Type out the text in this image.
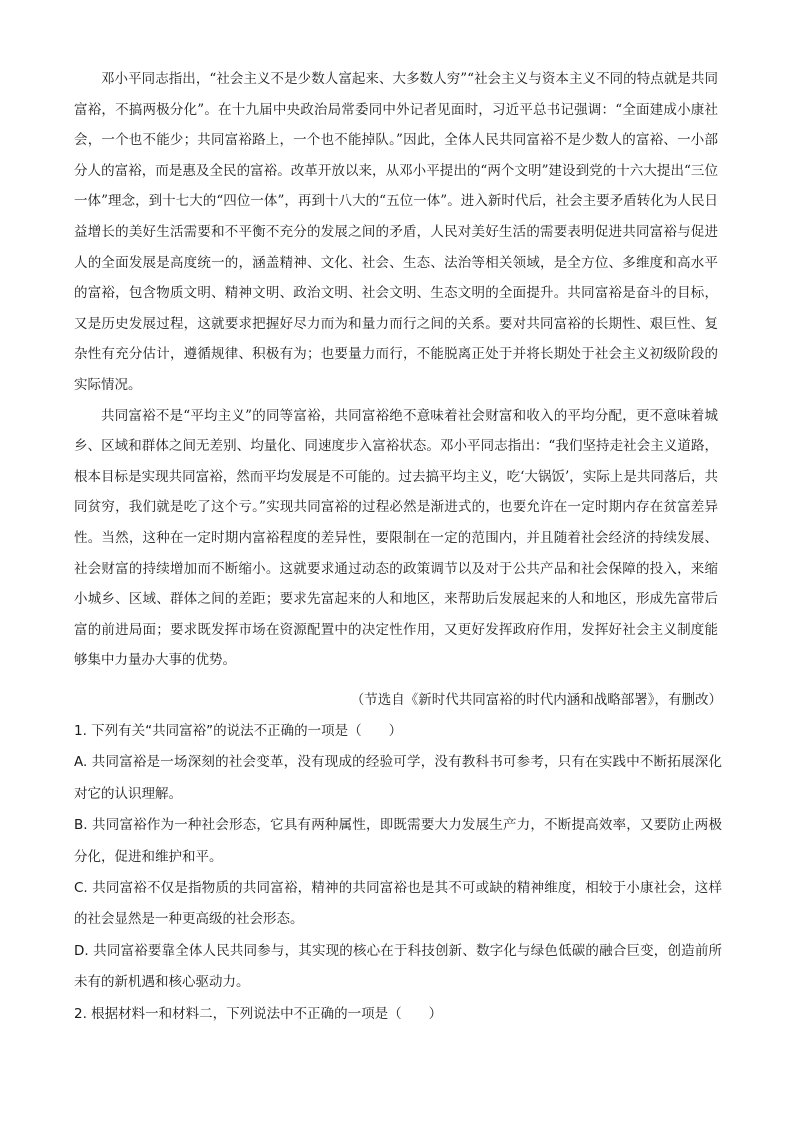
邓小平同志指出，“社会主义不是少数人富起来、大多数人穷”“社会主义与资本主义不同的特点就是共同富裕，不搞两极分化”。在十九届中央政治局常委同中外记者见面时，习近平总书记强调：“全面建成小康社会，一个也不能少；共同富裕路上，一个也不能掉队。”因此，全体人民共同富裕不是少数人的富裕、一小部分人的富裕，而是惠及全民的富裕。改革开放以来，从邓小平提出的“两个文明”建设到党的十六大提出“三位一体”理念，到十七大的“四位一体”，再到十八大的“五位一体”。进入新时代后，社会主要矛盾转化为人民日益增长的美好生活需要和不平衡不充分的发展之间的矛盾，人民对美好生活的需要表明促进共同富裕与促进人的全面发展是高度统一的，涵盖精神、文化、社会、生态、法治等相关领域，是全方位、多维度和高水平的富裕，包含物质文明、精神文明、政治文明、社会文明、生态文明的全面提升。共同富裕是奋斗的目标，又是历史发展过程，这就要求把握好尽力而为和量力而行之间的关系。要对共同富裕的长期性、艰巨性、复杂性有充分估计，遵循规律、积极有为；也要量力而行，不能脱离正处于并将长期处于社会主义初级阶段的实际情况。

共同富裕不是“平均主义”的同等富裕，共同富裕绝不意味着社会财富和收入的平均分配，更不意味着城乡、区域和群体之间无差别、均量化、同速度步入富裕状态。邓小平同志指出：“我们坚持走社会主义道路，根本目标是实现共同富裕，然而平均发展是不可能的。过去搞平均主义，吃‘大锅饭’，实际上是共同落后，共同贫穷，我们就是吃了这个亏。”实现共同富裕的过程必然是渐进式的，也要允许在一定时期内存在贫富差异性。当然，这种在一定时期内富裕程度的差异性，要限制在一定的范围内，并且随着社会经济的持续发展、社会财富的持续增加而不断缩小。这就要求通过动态的政策调节以及对于公共产品和社会保障的投入，来缩小城乡、区域、群体之间的差距；要求先富起来的人和地区，来帮助后发展起来的人和地区，形成先富带后富的前进局面；要求既发挥市场在资源配置中的决定性作用，又更好发挥政府作用，发挥好社会主义制度能够集中力量办大事的优势。

（节选自《新时代共同富裕的时代内涵和战略部署》，有删改）
1. 下列有关“共同富裕”的说法不正确的一项是（　　）
A. 共同富裕是一场深刻的社会变革，没有现成的经验可学，没有教科书可参考，只有在实践中不断拓展深化对它的认识理解。
B. 共同富裕作为一种社会形态，它具有两种属性，即既需要大力发展生产力，不断提高效率，又要防止两极分化，促进和维护和平。
C. 共同富裕不仅是指物质的共同富裕，精神的共同富裕也是其不可或缺的精神维度，相较于小康社会，这样的社会显然是一种更高级的社会形态。
D. 共同富裕要靠全体人民共同参与，其实现的核心在于科技创新、数字化与绿色低碳的融合巨变，创造前所未有的新机遇和核心驱动力。
2. 根据材料一和材料二，下列说法中不正确的一项是（　　）
